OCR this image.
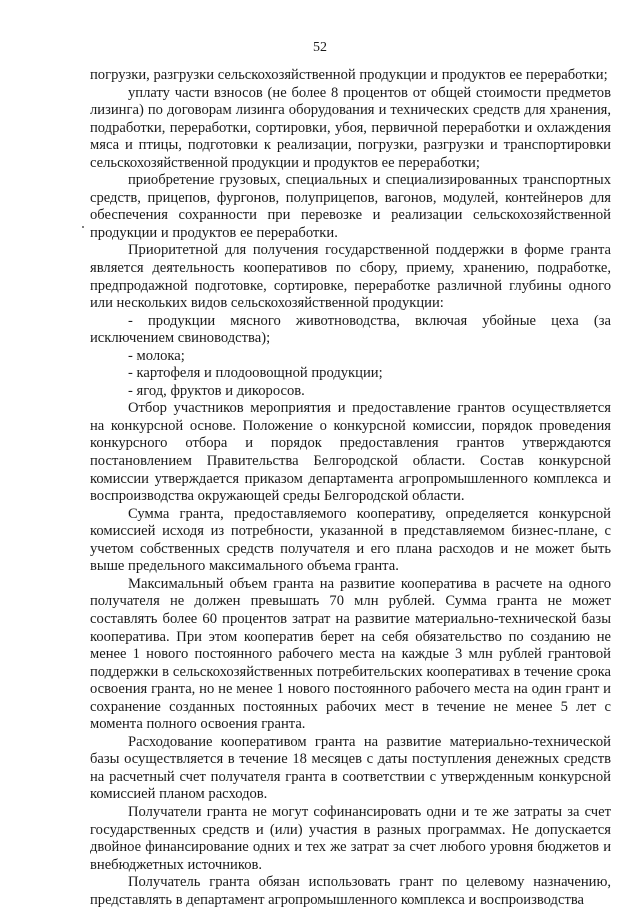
52

погрузки, разгрузки сельскохозяйственной продукции и продуктов ее переработки;

уплату части взносов (не более 8 процентов от общей стоимости предметов лизинга) по договорам лизинга оборудования и технических средств для хранения, подработки, переработки, сортировки, убоя, первичной переработки и охлаждения мяса и птицы, подготовки к реализации, погрузки, разгрузки и транспортировки сельскохозяйственной продукции и продуктов ее переработки;

приобретение грузовых, специальных и специализированных транспортных средств, прицепов, фургонов, полуприцепов, вагонов, модулей, контейнеров для обеспечения сохранности при перевозке и реализации сельскохозяйственной продукции и продуктов ее переработки.

Приоритетной для получения государственной поддержки в форме гранта является деятельность кооперативов по сбору, приему, хранению, подработке, предпродажной подготовке, сортировке, переработке различной глубины одного или нескольких видов сельскохозяйственной продукции:

- продукции мясного животноводства, включая убойные цеха (за исключением свиноводства);
- молока;
- картофеля и плодоовощной продукции;
- ягод, фруктов и дикоросов.

Отбор участников мероприятия и предоставление грантов осуществляется на конкурсной основе. Положение о конкурсной комиссии, порядок проведения конкурсного отбора и порядок предоставления грантов утверждаются постановлением Правительства Белгородской области. Состав конкурсной комиссии утверждается приказом департамента агропромышленного комплекса и воспроизводства окружающей среды Белгородской области.

Сумма гранта, предоставляемого кооперативу, определяется конкурсной комиссией исходя из потребности, указанной в представляемом бизнес-плане, с учетом собственных средств получателя и его плана расходов и не может быть выше предельного максимального объема гранта.

Максимальный объем гранта на развитие кооператива в расчете на одного получателя не должен превышать 70 млн рублей. Сумма гранта не может составлять более 60 процентов затрат на развитие материально-технической базы кооператива. При этом кооператив берет на себя обязательство по созданию не менее 1 нового постоянного рабочего места на каждые 3 млн рублей грантовой поддержки в сельскохозяйственных потребительских кооперативах в течение срока освоения гранта, но не менее 1 нового постоянного рабочего места на один грант и сохранение созданных постоянных рабочих мест в течение не менее 5 лет с момента полного освоения гранта.

Расходование кооперативом гранта на развитие материально-технической базы осуществляется в течение 18 месяцев с даты поступления денежных средств на расчетный счет получателя гранта в соответствии с утвержденным конкурсной комиссией планом расходов.

Получатели гранта не могут софинансировать одни и те же затраты за счет государственных средств и (или) участия в разных программах. Не допускается двойное финансирование одних и тех же затрат за счет любого уровня бюджетов и внебюджетных источников.

Получатель гранта обязан использовать грант по целевому назначению, представлять в департамент агропромышленного комплекса и воспроизводства
